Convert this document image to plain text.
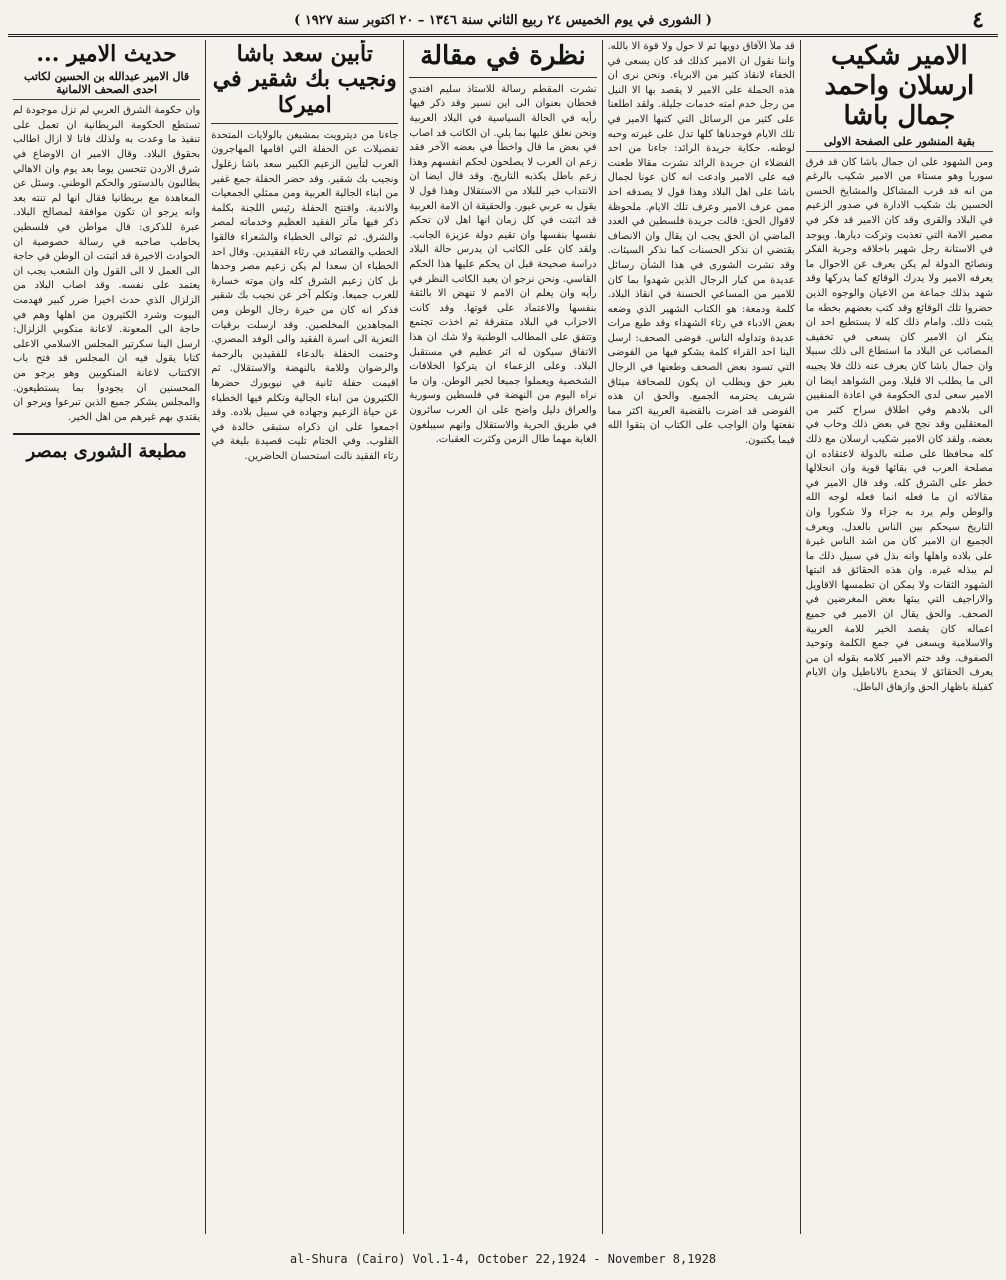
٤
( الشورى في يوم الخميس ٢٤ ربيع الثاني سنة ١٣٤٦ – ٢٠ اكتوبر سنة ١٩٢٧ )
الامير شكيب ارسلان واحمد جمال باشا
بقية المنشور على الصفحة الاولى
ومن الشهود على ان جمال باشا كان قد فرق سوريا وهو مستاء من الامير شكيب بالرغم من انه قد قرب المشاكل والمشايخ الحسن الحسين بك شكيب الادارة في صدور الزعيم في البلاد والقرى وقد كان الامير قد فكر في مصير الامة التي تعذبت وتركت ديارها. ويوجد في الاستانة رجل شهير باخلاقه وحرية الفكر ونصائح الدولة لم يكن يعرف عن الاحوال ما يعرفه الامير ولا يدرك الوقائع كما يدركها وقد شهد بذلك جماعة من الاعيان والوجوه الذين حضروا تلك الوقائع وقد كتب بعضهم بخطه ما يثبت ذلك. وامام ذلك كله لا يستطيع احد ان ينكر ان الامير كان يسعى في تخفيف المصائب عن البلاد ما استطاع الى ذلك سبيلا وان جمال باشا كان يعرف عنه ذلك فلا يجيبه الى ما يطلب الا قليلا. ومن الشواهد ايضا ان الامير سعى لدى الحكومة في اعادة المنفيين الى بلادهم وفي اطلاق سراح كثير من المعتقلين وقد نجح في بعض ذلك وخاب في بعضه. ولقد كان الامير شكيب ارسلان مع ذلك كله محافظا على صلته بالدولة لاعتقاده ان مصلحة العرب في بقائها قوية وان انحلالها خطر على الشرق كله. وقد قال الامير في مقالاته ان ما فعله انما فعله لوجه الله والوطن ولم يرد به جزاء ولا شكورا وان التاريخ سيحكم بين الناس بالعدل. ويعرف الجميع ان الامير كان من اشد الناس غيرة على بلاده واهلها وانه بذل في سبيل ذلك ما لم يبذله غيره. وان هذه الحقائق قد اثبتها الشهود الثقات ولا يمكن ان تطمسها الاقاويل والاراجيف التي يبثها بعض المغرضين في الصحف. والحق يقال ان الامير في جميع اعماله كان يقصد الخير للامة العربية والاسلامية ويسعى في جمع الكلمة وتوحيد الصفوف. وقد ختم الامير كلامه بقوله ان من يعرف الحقائق لا ينخدع بالاباطيل وان الايام كفيلة باظهار الحق وازهاق الباطل.
قد ملأ الآفاق دويها ثم لا حول ولا قوة الا بالله. واننا نقول ان الامير كذلك قد كان يسعى في الخفاء لانقاذ كثير من الابرياء. ونحن نرى ان هذه الحملة على الامير لا يقصد بها الا النيل من رجل خدم امته خدمات جليلة. ولقد اطلعنا على كثير من الرسائل التي كتبها الامير في تلك الايام فوجدناها كلها تدل على غيرته وحبه لوطنه. حكاية جريدة الرائد: جاءنا من احد الفضلاء ان جريدة الرائد نشرت مقالا طعنت فيه على الامير وادعت انه كان عونا لجمال باشا على اهل البلاد وهذا قول لا يصدقه احد ممن عرف الامير وعرف تلك الايام. ملحوظة لاقوال الحق: قالت جريدة فلسطين في العدد الماضي ان الحق يجب ان يقال وان الانصاف يقتضي ان نذكر الحسنات كما نذكر السيئات. وقد نشرت الشورى في هذا الشأن رسائل عديدة من كبار الرجال الذين شهدوا بما كان للامير من المساعي الحسنة في انقاذ البلاد. كلمة ودمعة: هو الكتاب الشهير الذي وضعه بعض الادباء في رثاء الشهداء وقد طبع مرات عديدة وتداوله الناس. فوضى الصحف: ارسل الينا احد القراء كلمة يشكو فيها من الفوضى التي تسود بعض الصحف وطعنها في الرجال بغير حق ويطلب ان يكون للصحافة ميثاق شريف يحترمه الجميع. والحق ان هذه الفوضى قد اضرت بالقضية العربية اكثر مما نفعتها وان الواجب على الكتاب ان يتقوا الله فيما يكتبون.
نظرة في مقالة
نشرت المقطم رسالة للاستاذ سليم افندي قحطان بعنوان الى اين نسير وقد ذكر فيها رأيه في الحالة السياسية في البلاد العربية ونحن نعلق عليها بما يلي. ان الكاتب قد اصاب في بعض ما قال واخطأ في بعضه الآخر فقد زعم ان العرب لا يصلحون لحكم انفسهم وهذا زعم باطل يكذبه التاريخ. وقد قال ايضا ان الانتداب خير للبلاد من الاستقلال وهذا قول لا يقول به عربي غيور. والحقيقة ان الامة العربية قد اثبتت في كل زمان انها اهل لان تحكم نفسها بنفسها وان تقيم دولة عزيزة الجانب. ولقد كان على الكاتب ان يدرس حالة البلاد دراسة صحيحة قبل ان يحكم عليها هذا الحكم القاسي. ونحن نرجو ان يعيد الكاتب النظر في رأيه وان يعلم ان الامم لا تنهض الا بالثقة بنفسها والاعتماد على قوتها. وقد كانت الاحزاب في البلاد متفرقة ثم اخذت تجتمع وتتفق على المطالب الوطنية ولا شك ان هذا الاتفاق سيكون له اثر عظيم في مستقبل البلاد. وعلى الزعماء ان يتركوا الخلافات الشخصية ويعملوا جميعا لخير الوطن. وان ما نراه اليوم من النهضة في فلسطين وسورية والعراق دليل واضح على ان العرب سائرون في طريق الحرية والاستقلال وانهم سيبلغون الغاية مهما طال الزمن وكثرت العقبات.
تأبين سعد باشا ونجيب بك شقير في اميركا
جاءنا من ديترويت بمشيغن بالولايات المتحدة تفصيلات عن الحفلة التي اقامها المهاجرون العرب لتأبين الزعيم الكبير سعد باشا زغلول ونجيب بك شقير. وقد حضر الحفلة جمع غفير من ابناء الجالية العربية ومن ممثلي الجمعيات والاندية. وافتتح الحفلة رئيس اللجنة بكلمة ذكر فيها مآثر الفقيد العظيم وخدماته لمصر والشرق. ثم توالى الخطباء والشعراء فالقوا الخطب والقصائد في رثاء الفقيدين. وقال احد الخطباء ان سعدا لم يكن زعيم مصر وحدها بل كان زعيم الشرق كله وان موته خسارة للعرب جميعا. وتكلم آخر عن نجيب بك شقير فذكر انه كان من خيرة رجال الوطن ومن المجاهدين المخلصين. وقد ارسلت برقيات التعزية الى اسرة الفقيد والى الوفد المصري. وختمت الحفلة بالدعاء للفقيدين بالرحمة والرضوان وللامة بالنهضة والاستقلال. ثم اقيمت حفلة ثانية في نيويورك حضرها الكثيرون من ابناء الجالية وتكلم فيها الخطباء عن حياة الزعيم وجهاده في سبيل بلاده. وقد اجمعوا على ان ذكراه ستبقى خالدة في القلوب. وفي الختام تليت قصيدة بليغة في رثاء الفقيد نالت استحسان الحاضرين.
حديث الامير ...
قال الامير عبدالله بن الحسين لكاتب احدى الصحف الالمانية
وان حكومة الشرق العربي لم تزل موجودة لم تستطع الحكومة البريطانية ان تعمل على تنفيذ ما وعدت به ولذلك فانا لا ازال اطالب بحقوق البلاد. وقال الامير ان الاوضاع في شرق الاردن تتحسن يوما بعد يوم وان الاهالي يطالبون بالدستور والحكم الوطني. وسئل عن المعاهدة مع بريطانيا فقال انها لم تنته بعد وانه يرجو ان تكون موافقة لمصالح البلاد. عبرة للذكرى: قال مواطن في فلسطين يخاطب صاحبه في رسالة خصوصية ان الحوادث الاخيرة قد اثبتت ان الوطن في حاجة الى العمل لا الى القول وان الشعب يجب ان يعتمد على نفسه. وقد اصاب البلاد من الزلزال الذي حدث اخيرا ضرر كبير فهدمت البيوت وشرد الكثيرون من اهلها وهم في حاجة الى المعونة. لاعانة منكوبي الزلزال: ارسل الينا سكرتير المجلس الاسلامي الاعلى كتابا يقول فيه ان المجلس قد فتح باب الاكتتاب لاعانة المنكوبين وهو يرجو من المحسنين ان يجودوا بما يستطيعون. والمجلس يشكر جميع الذين تبرعوا ويرجو ان يقتدي بهم غيرهم من اهل الخير.
مطبعة الشورى بمصر
al-Shura (Cairo) Vol.1-4, October 22,1924 - November 8,1928
